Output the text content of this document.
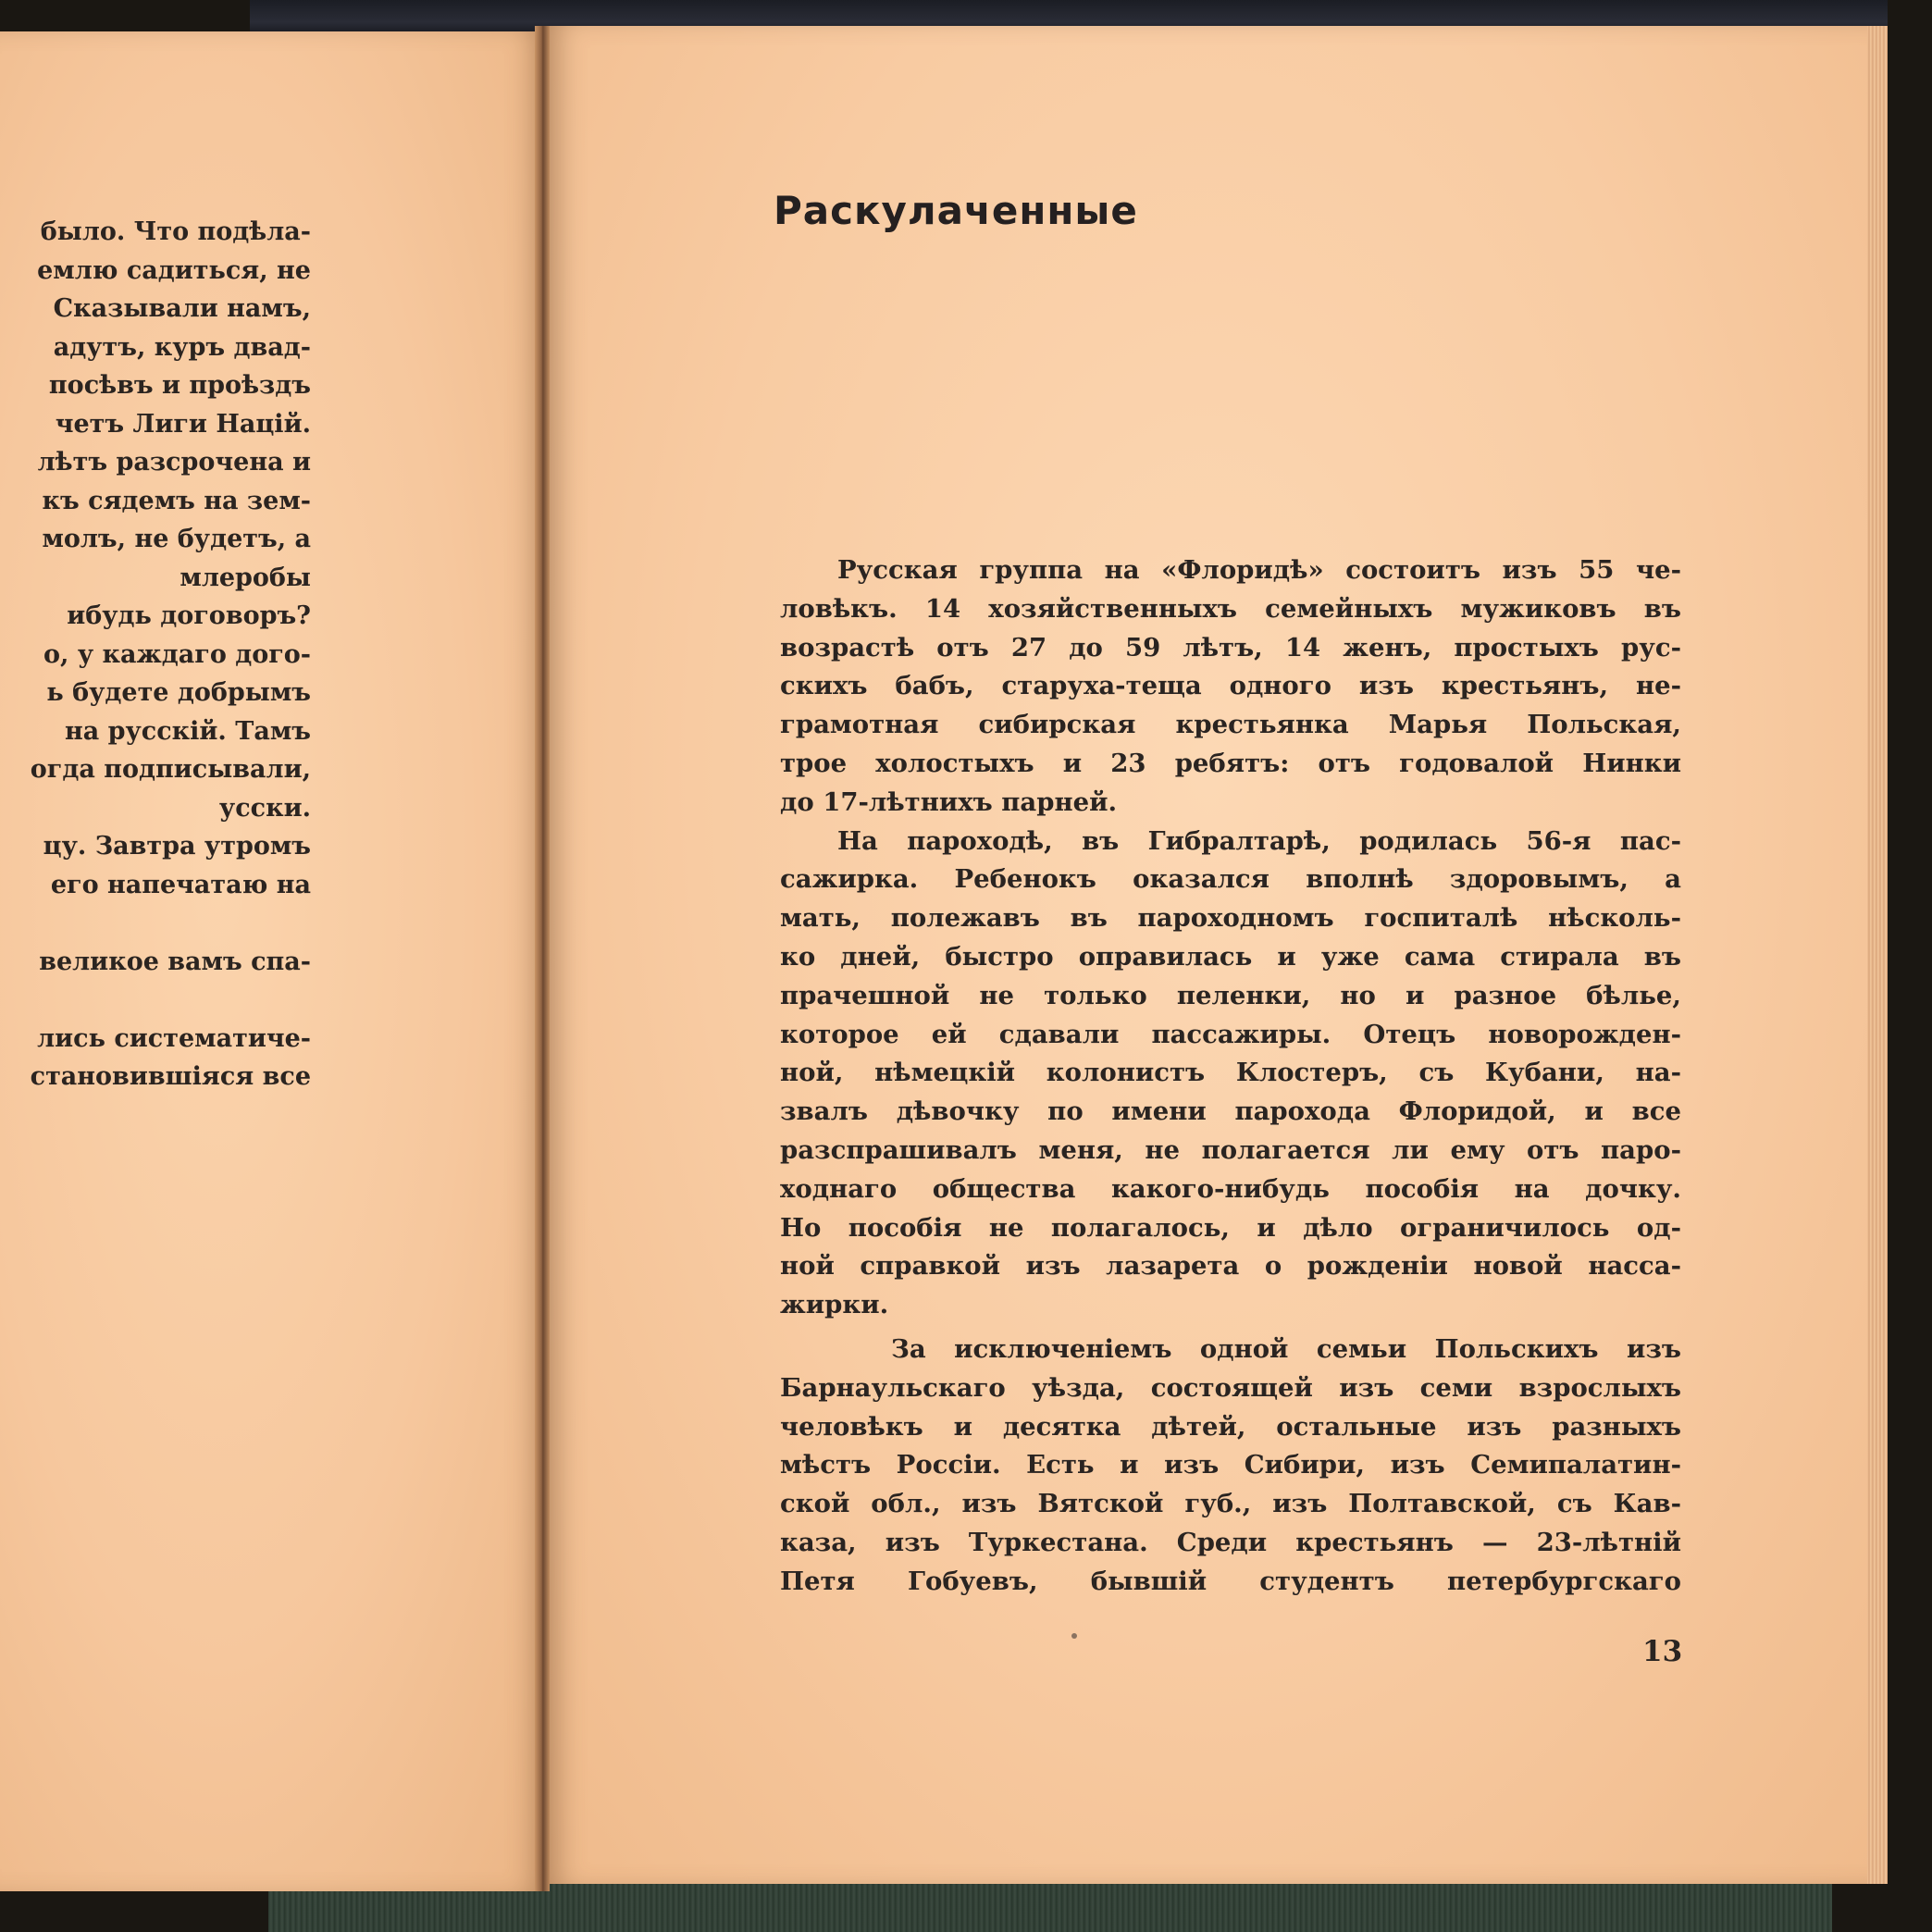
было. Что подѣла-
емлю садиться, не
Сказывали намъ,
адутъ, куръ двад-
посѣвъ и проѣздъ
четъ Лиги Націй.
лѣтъ разсрочена и
къ сядемъ на зем-
молъ, не будетъ, а
млеробы
ибудь договоръ?
о, у каждаго дого-
ь будете добрымъ
на русскій. Тамъ
огда подписывали,
усски.
цу. Завтра утромъ
его напечатаю на
великое вамъ спа-
лись систематиче-
становившіяся все
Раскулаченные
Русская группа на «Флоридѣ» состоитъ изъ 55 че-
ловѣкъ. 14 хозяйственныхъ семейныхъ мужиковъ въ
возрастѣ отъ 27 до 59 лѣтъ, 14 женъ, простыхъ рус-
скихъ бабъ, старуха-теща одного изъ крестьянъ, не-
грамотная сибирская крестьянка Марья Польская,
трое холостыхъ и 23 ребятъ: отъ годовалой Нинки
до 17-лѣтнихъ парней.
На пароходѣ, въ Гибралтарѣ, родилась 56-я пас-
сажирка. Ребенокъ оказался вполнѣ здоровымъ, а
мать, полежавъ въ пароходномъ госпиталѣ нѣсколь-
ко дней, быстро оправилась и уже сама стирала въ
прачешной не только пеленки, но и разное бѣлье,
которое ей сдавали пассажиры. Отецъ новорожден-
ной, нѣмецкій колонистъ Клостеръ, съ Кубани, на-
звалъ дѣвочку по имени парохода Флоридой, и все
разспрашивалъ меня, не полагается ли ему отъ паро-
ходнаго общества какого-нибудь пособія на дочку.
Но пособія не полагалось, и дѣло ограничилось од-
ной справкой изъ лазарета о рожденіи новой насса-
жирки.
За исключеніемъ одной семьи Польскихъ изъ
Барнаульскаго уѣзда, состоящей изъ семи взрослыхъ
человѣкъ и десятка дѣтей, остальные изъ разныхъ
мѣстъ Россіи. Есть и изъ Сибири, изъ Семипалатин-
ской обл., изъ Вятской губ., изъ Полтавской, съ Кав-
каза, изъ Туркестана. Среди крестьянъ — 23-лѣтній
Петя Гобуевъ, бывшій студентъ петербургскаго
13
